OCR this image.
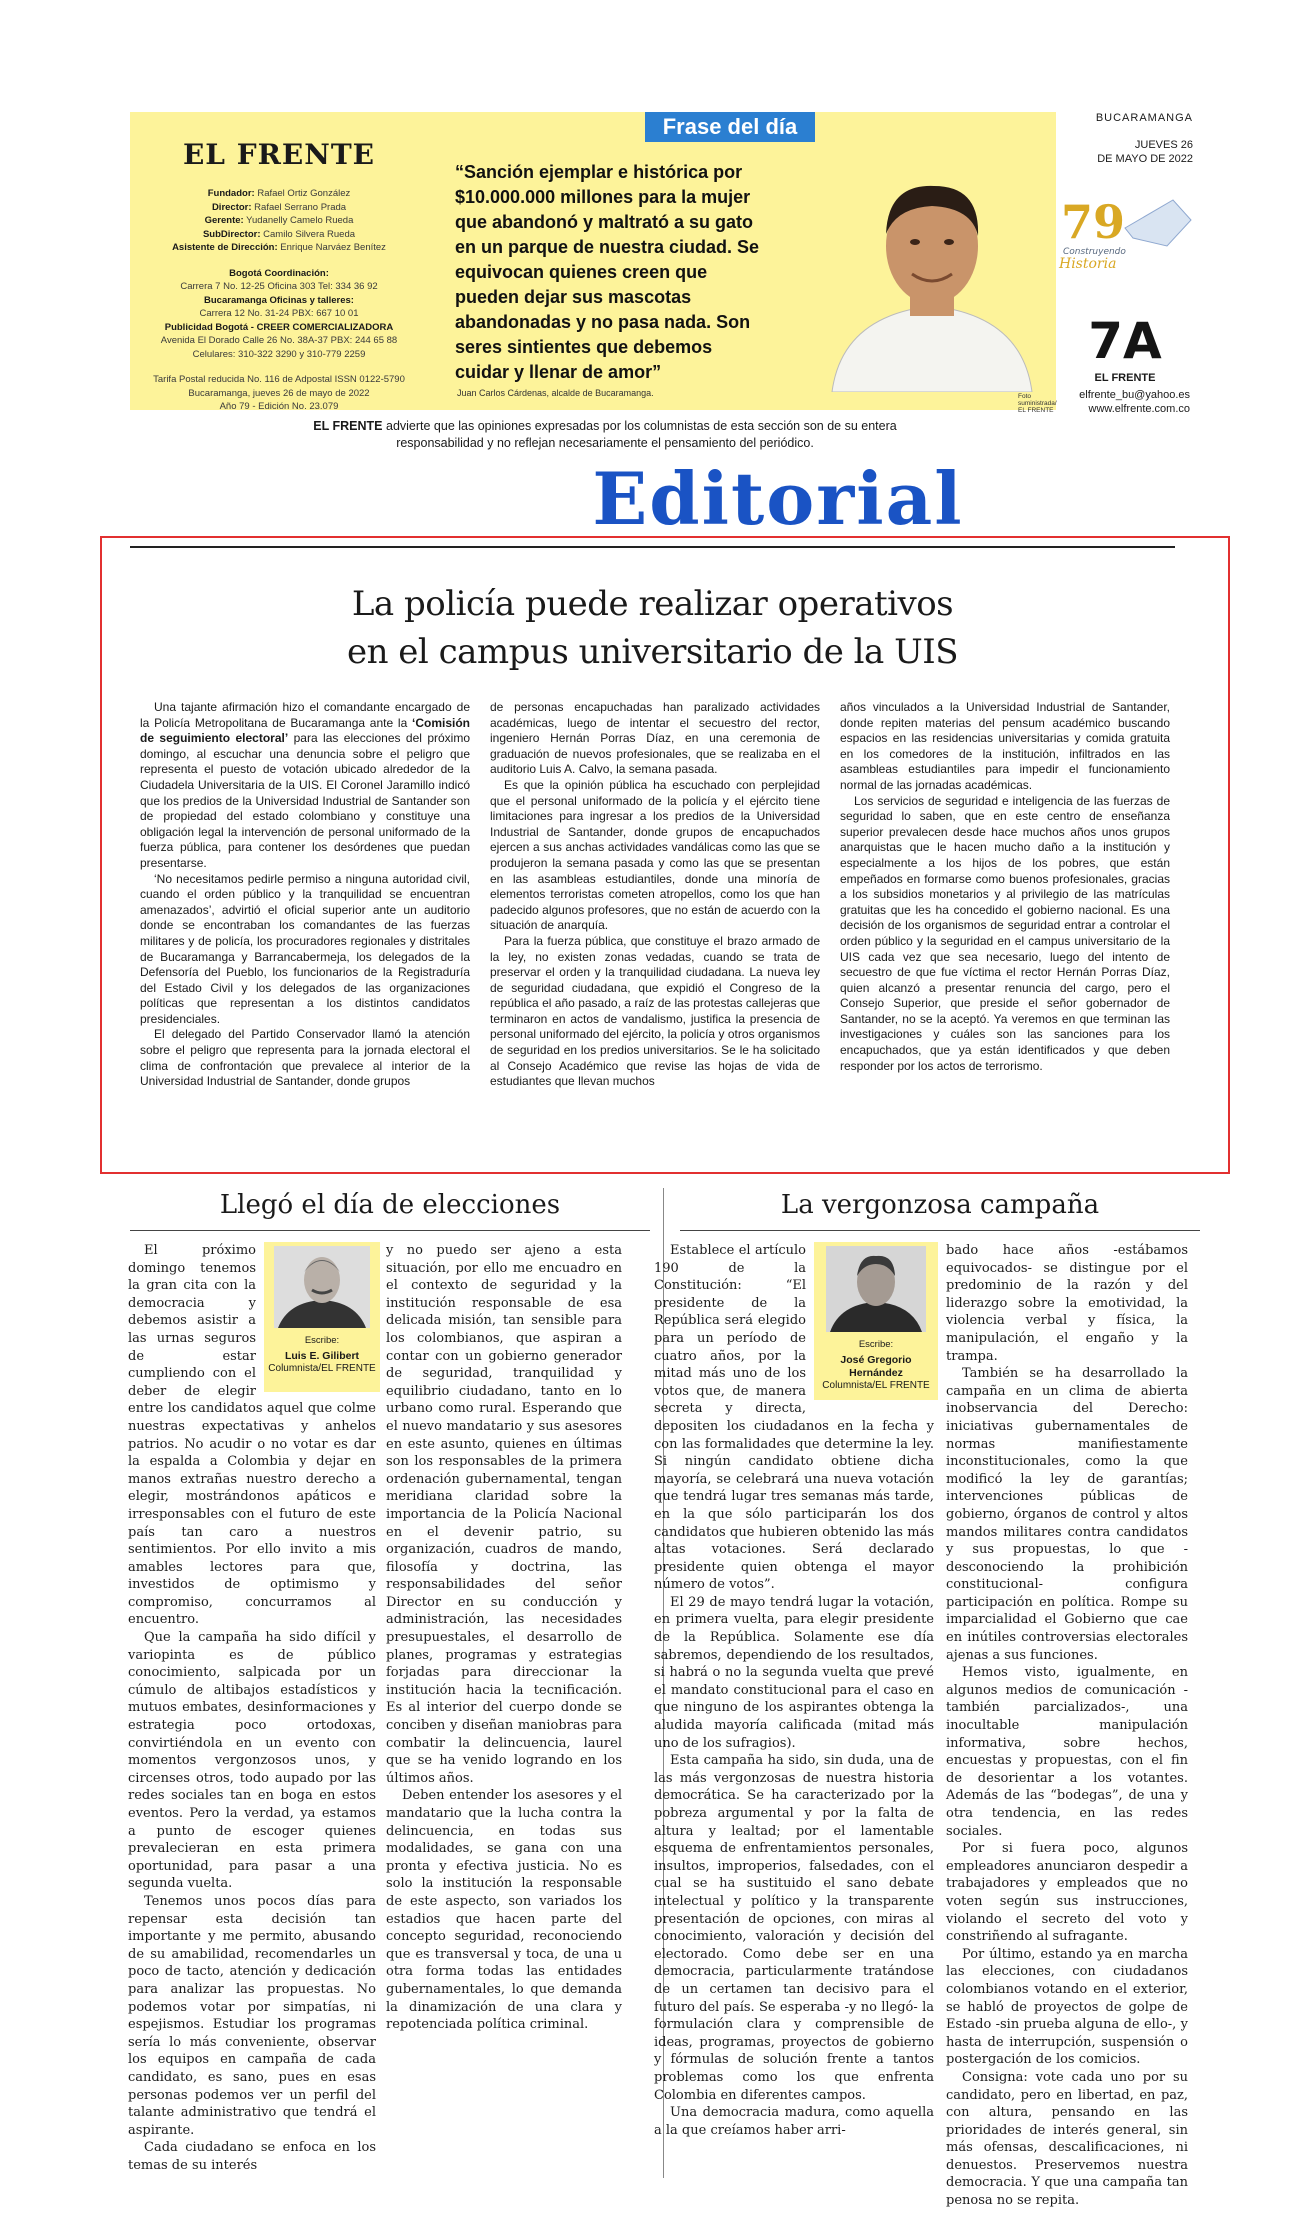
EL FRENTE

Fundador: Rafael Ortiz González

Director: Rafael Serrano Prada

Gerente: Yudanelly Camelo Rueda

SubDirector: Camilo Silvera Rueda

Asistente de Dirección: Enrique Narváez Benítez

Bogotá Coordinación:

Carrera 7 No. 12-25 Oficina 303 Tel: 334 36 92

Bucaramanga Oficinas y talleres:

Carrera 12 No. 31-24 PBX: 667 10 01

Publicidad Bogotá - CREER COMERCIALIZADORA

Avenida El Dorado Calle 26 No. 38A-37 PBX: 244 65 88

Celulares: 310-322 3290 y 310-779 2259

Tarifa Postal reducida No. 116 de Adpostal ISSN 0122-5790

Bucaramanga, jueves 26 de mayo de 2022

Año 79 - Edición No. 23.079

Frase del día
“Sanción ejemplar e histórica por $10.000.000 millones para la mujer que abandonó y maltrató a su gato en un parque de nuestra ciudad. Se equivocan quienes creen que pueden dejar sus mascotas abandonadas y no pasa nada. Son seres sintientes que debemos cuidar y llenar de amor”
Juan Carlos Cárdenas, alcalde de Bucaramanga.	Foto suministrada/ EL FRENTE
BUCARAMANGA
JUEVES 26
DE MAYO DE 2022
79
Construyendo
Historia
7A
EL FRENTE
elfrente_bu@yahoo.es
www.elfrente.com.co
EL FRENTE advierte que las opiniones expresadas por los columnistas de esta sección son de su entera responsabilidad y no reflejan necesariamente el pensamiento del periódico.
Editorial
La policía puede realizar operativos
en el campus universitario de la UIS

Una tajante afirmación hizo el comandante encargado de la Policía Metropolitana de Bucaramanga ante la ‘Comisión de seguimiento electoral’ para las elecciones del próximo domingo, al escuchar una denuncia sobre el peligro que representa el puesto de votación ubicado alrededor de la Ciudadela Universitaria de la UIS. El Coronel Jaramillo indicó que los predios de la Universidad Industrial de Santander son de propiedad del estado colombiano y constituye una obligación legal la intervención de personal uniformado de la fuerza pública, para contener los desórdenes que puedan presentarse.

‘No necesitamos pedirle permiso a ninguna autoridad civil, cuando el orden público y la tranquilidad se encuentran amenazados’, advirtió el oficial superior ante un auditorio donde se encontraban los comandantes de las fuerzas militares y de policía, los procuradores regionales y distritales de Bucaramanga y Barrancabermeja, los delegados de la Defensoría del Pueblo, los funcionarios de la Registraduría del Estado Civil y los delegados de las organizaciones políticas que representan a los distintos candidatos presidenciales.

El delegado del Partido Conservador llamó la atención sobre el peligro que representa para la jornada electoral el clima de confrontación que prevalece al interior de la Universidad Industrial de Santander, donde grupos

de personas encapuchadas han paralizado actividades académicas, luego de intentar el secuestro del rector, ingeniero Hernán Porras Díaz, en una ceremonia de graduación de nuevos profesionales, que se realizaba en el auditorio Luis A. Calvo, la semana pasada.

Es que la opinión pública ha escuchado con perplejidad que el personal uniformado de la policía y el ejército tiene limitaciones para ingresar a los predios de la Universidad Industrial de Santander, donde grupos de encapuchados ejercen a sus anchas actividades vandálicas como las que se produjeron la semana pasada y como las que se presentan en las asambleas estudiantiles, donde una minoría de elementos terroristas cometen atropellos, como los que han padecido algunos profesores, que no están de acuerdo con la situación de anarquía.

Para la fuerza pública, que constituye el brazo armado de la ley, no existen zonas vedadas, cuando se trata de preservar el orden y la tranquilidad ciudadana. La nueva ley de seguridad ciudadana, que expidió el Congreso de la república el año pasado, a raíz de las protestas callejeras que terminaron en actos de vandalismo, justifica la presencia de personal uniformado del ejército, la policía y otros organismos de seguridad en los predios universitarios. Se le ha solicitado al Consejo Académico que revise las hojas de vida de estudiantes que llevan muchos

años vinculados a la Universidad Industrial de Santander, donde repiten materias del pensum académico buscando espacios en las residencias universitarias y comida gratuita en los comedores de la institución, infiltrados en las asambleas estudiantiles para impedir el funcionamiento normal de las jornadas académicas.

Los servicios de seguridad e inteligencia de las fuerzas de seguridad lo saben, que en este centro de enseñanza superior prevalecen desde hace muchos años unos grupos anarquistas que le hacen mucho daño a la institución y especialmente a los hijos de los pobres, que están empeñados en formarse como buenos profesionales, gracias a los subsidios monetarios y al privilegio de las matrículas gratuitas que les ha concedido el gobierno nacional. Es una decisión de los organismos de seguridad entrar a controlar el orden público y la seguridad en el campus universitario de la UIS cada vez que sea necesario, luego del intento de secuestro de que fue víctima el rector Hernán Porras Díaz, quien alcanzó a presentar renuncia del cargo, pero el Consejo Superior, que preside el señor gobernador de Santander, no se la aceptó. Ya veremos en que terminan las investigaciones y cuáles son las sanciones para los encapuchados, que ya están identificados y que deben responder por los actos de terrorismo.

Llegó el día de elecciones
Escribe:
Luis E. Gilibert
Columnista/EL FRENTE

El próximo domingo tenemos la gran cita con la democracia y debemos asistir a las urnas seguros de estar cumpliendo con el deber de elegir entre los candidatos aquel que colme nuestras expectativas y anhelos patrios. No acudir o no votar es dar la espalda a Colombia y dejar en manos extrañas nuestro derecho a elegir, mostrándonos apáticos e irresponsables con el futuro de este país tan caro a nuestros sentimientos. Por ello invito a mis amables lectores para que, investidos de optimismo y compromiso, concurramos al encuentro.

Que la campaña ha sido difícil y variopinta es de público conocimiento, salpicada por un cúmulo de altibajos estadísticos y mutuos embates, desinformaciones y estrategia poco ortodoxas, convirtiéndola en un evento con momentos vergonzosos unos, y circenses otros, todo aupado por las redes sociales tan en boga en estos eventos. Pero la verdad, ya estamos a punto de escoger quienes prevalecieran en esta primera oportunidad, para pasar a una segunda vuelta.

Tenemos unos pocos días para repensar esta decisión tan importante y me permito, abusando de su amabilidad, recomendarles un poco de tacto, atención y dedicación para analizar las propuestas. No podemos votar por simpatías, ni espejismos. Estudiar los programas sería lo más conveniente, observar los equipos en campaña de cada candidato, es sano, pues en esas personas podemos ver un perfil del talante administrativo que tendrá el aspirante.

Cada ciudadano se enfoca en los temas de su interés

y no puedo ser ajeno a esta situación, por ello me encuadro en el contexto de seguridad y la institución responsable de esa delicada misión, tan sensible para los colombianos, que aspiran a contar con un gobierno generador de seguridad, tranquilidad y equilibrio ciudadano, tanto en lo urbano como rural. Esperando que el nuevo mandatario y sus asesores en este asunto, quienes en últimas son los responsables de la primera ordenación gubernamental, tengan meridiana claridad sobre la importancia de la Policía Nacional en el devenir patrio, su organización, cuadros de mando, filosofía y doctrina, las responsabilidades del señor Director en su conducción y administración, las necesidades presupuestales, el desarrollo de planes, programas y estrategias forjadas para direccionar la institución hacia la tecnificación. Es al interior del cuerpo donde se conciben y diseñan maniobras para combatir la delincuencia, laurel que se ha venido logrando en los últimos años.

Deben entender los asesores y el mandatario que la lucha contra la delincuencia, en todas sus modalidades, se gana con una pronta y efectiva justicia. No es solo la institución la responsable de este aspecto, son variados los estadios que hacen parte del concepto seguridad, reconociendo que es transversal y toca, de una u otra forma todas las entidades gubernamentales, lo que demanda la dinamización de una clara y repotenciada política criminal.

La vergonzosa campaña
Escribe:
José Gregorio Hernández
Columnista/EL FRENTE

Establece el artículo 190 de la Constitución: “El presidente de la República será elegido para un período de cuatro años, por la mitad más uno de los votos que, de manera secreta y directa, depositen los ciudadanos en la fecha y con las formalidades que determine la ley. Si ningún candidato obtiene dicha mayoría, se celebrará una nueva votación que tendrá lugar tres semanas más tarde, en la que sólo participarán los dos candidatos que hubieren obtenido las más altas votaciones. Será declarado presidente quien obtenga el mayor número de votos”.

El 29 de mayo tendrá lugar la votación, en primera vuelta, para elegir presidente de la República. Solamente ese día sabremos, dependiendo de los resultados, si habrá o no la segunda vuelta que prevé el mandato constitucional para el caso en que ninguno de los aspirantes obtenga la aludida mayoría calificada (mitad más uno de los sufragios).

Esta campaña ha sido, sin duda, una de las más vergonzosas de nuestra historia democrática. Se ha caracterizado por la pobreza argumental y por la falta de altura y lealtad; por el lamentable esquema de enfrentamientos personales, insultos, improperios, falsedades, con el cual se ha sustituido el sano debate intelectual y político y la transparente presentación de opciones, con miras al conocimiento, valoración y decisión del electorado. Como debe ser en una democracia, particularmente tratándose de un certamen tan decisivo para el futuro del país. Se esperaba -y no llegó- la formulación clara y comprensible de ideas, programas, proyectos de gobierno y fórmulas de solución frente a tantos problemas como los que enfrenta Colombia en diferentes campos.

Una democracia madura, como aquella a la que creíamos haber arri-

bado hace años -estábamos equivocados- se distingue por el predominio de la razón y del liderazgo sobre la emotividad, la violencia verbal y física, la manipulación, el engaño y la trampa.

También se ha desarrollado la campaña en un clima de abierta inobservancia del Derecho: iniciativas gubernamentales de normas manifiestamente inconstitucionales, como la que modificó la ley de garantías; intervenciones públicas de gobierno, órganos de control y altos mandos militares contra candidatos y sus propuestas, lo que -desconociendo la prohibición constitucional- configura participación en política. Rompe su imparcialidad el Gobierno que cae en inútiles controversias electorales ajenas a sus funciones.

Hemos visto, igualmente, en algunos medios de comunicación -también parcializados-, una inocultable manipulación informativa, sobre hechos, encuestas y propuestas, con el fin de desorientar a los votantes. Además de las “bodegas”, de una y otra tendencia, en las redes sociales.

Por si fuera poco, algunos empleadores anunciaron despedir a trabajadores y empleados que no voten según sus instrucciones, violando el secreto del voto y constriñendo al sufragante.

Por último, estando ya en marcha las elecciones, con ciudadanos colombianos votando en el exterior, se habló de proyectos de golpe de Estado -sin prueba alguna de ello-, y hasta de interrupción, suspensión o postergación de los comicios.

Consigna: vote cada uno por su candidato, pero en libertad, en paz, con altura, pensando en las prioridades de interés general, sin más ofensas, descalificaciones, ni denuestos. Preservemos nuestra democracia. Y que una campaña tan penosa no se repita.
